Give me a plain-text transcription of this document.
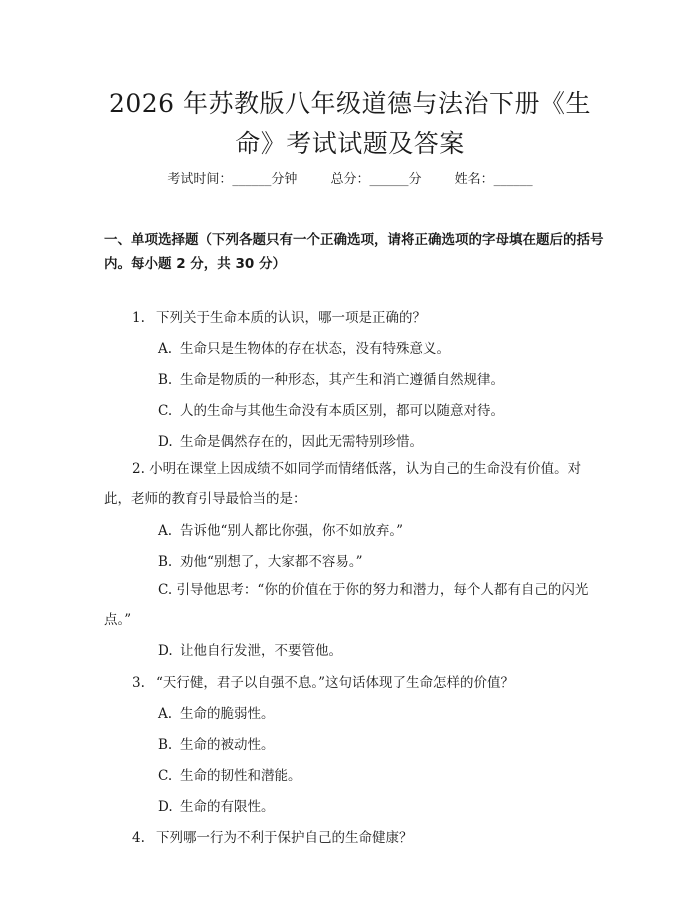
2026 年苏教版八年级道德与法治下册《生命》考试试题及答案
考试时间：______分钟	总分：______分	姓名：______
一、单项选择题（下列各题只有一个正确选项，请将正确选项的字母填在题后的括号内。每小题 2 分，共 30 分）
1. 下列关于生命本质的认识，哪一项是正确的？
A. 生命只是生物体的存在状态，没有特殊意义。
B. 生命是物质的一种形态，其产生和消亡遵循自然规律。
C. 人的生命与其他生命没有本质区别，都可以随意对待。
D. 生命是偶然存在的，因此无需特别珍惜。
2. 小明在课堂上因成绩不如同学而情绪低落，认为自己的生命没有价值。对此，老师的教育引导最恰当的是：
A. 告诉他“别人都比你强，你不如放弃。”
B. 劝他“别想了，大家都不容易。”
C. 引导他思考：“你的价值在于你的努力和潜力，每个人都有自己的闪光点。”
D. 让他自行发泄，不要管他。
3. “天行健，君子以自强不息。”这句话体现了生命怎样的价值？
A. 生命的脆弱性。
B. 生命的被动性。
C. 生命的韧性和潜能。
D. 生命的有限性。
4. 下列哪一行为不利于保护自己的生命健康？
